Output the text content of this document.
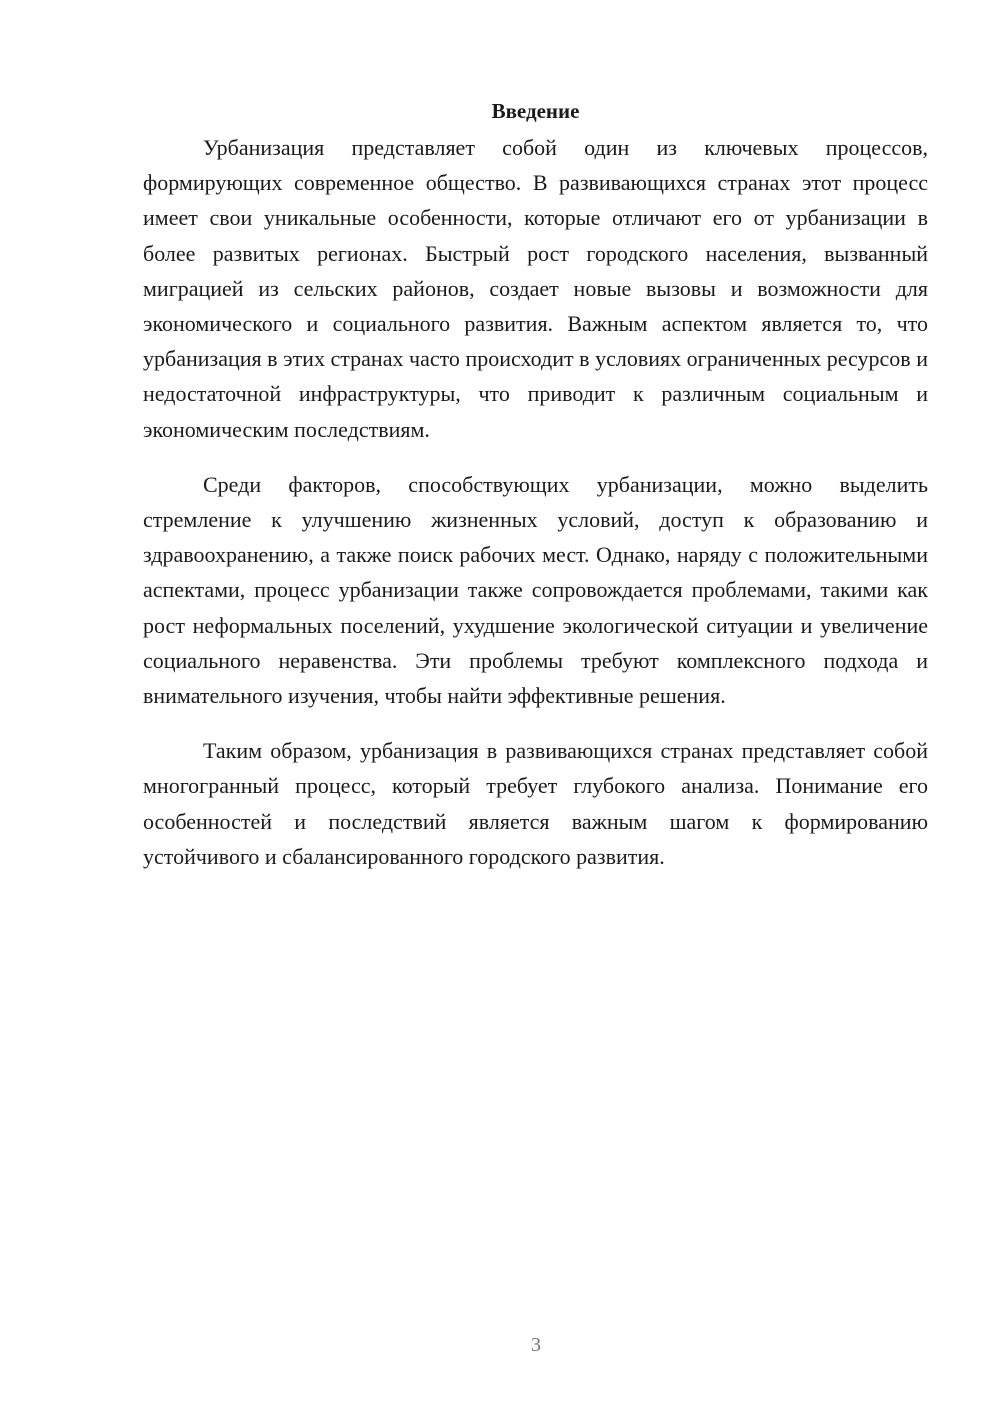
Введение

Урбанизация представляет собой один из ключевых процессов, формирующих современное общество. В развивающихся странах этот процесс имеет свои уникальные особенности, которые отличают его от урбанизации в более развитых регионах. Быстрый рост городского населения, вызванный миграцией из сельских районов, создает новые вызовы и возможности для экономического и социального развития. Важным аспектом является то, что урбанизация в этих странах часто происходит в условиях ограниченных ресурсов и недостаточной инфраструктуры, что приводит к различным социальным и экономическим последствиям.

Среди факторов, способствующих урбанизации, можно выделить стремление к улучшению жизненных условий, доступ к образованию и здравоохранению, а также поиск рабочих мест. Однако, наряду с положительными аспектами, процесс урбанизации также сопровождается проблемами, такими как рост неформальных поселений, ухудшение экологической ситуации и увеличение социального неравенства. Эти проблемы требуют комплексного подхода и внимательного изучения, чтобы найти эффективные решения.

Таким образом, урбанизация в развивающихся странах представляет собой многогранный процесс, который требует глубокого анализа. Понимание его особенностей и последствий является важным шагом к формированию устойчивого и сбалансированного городского развития.

3
